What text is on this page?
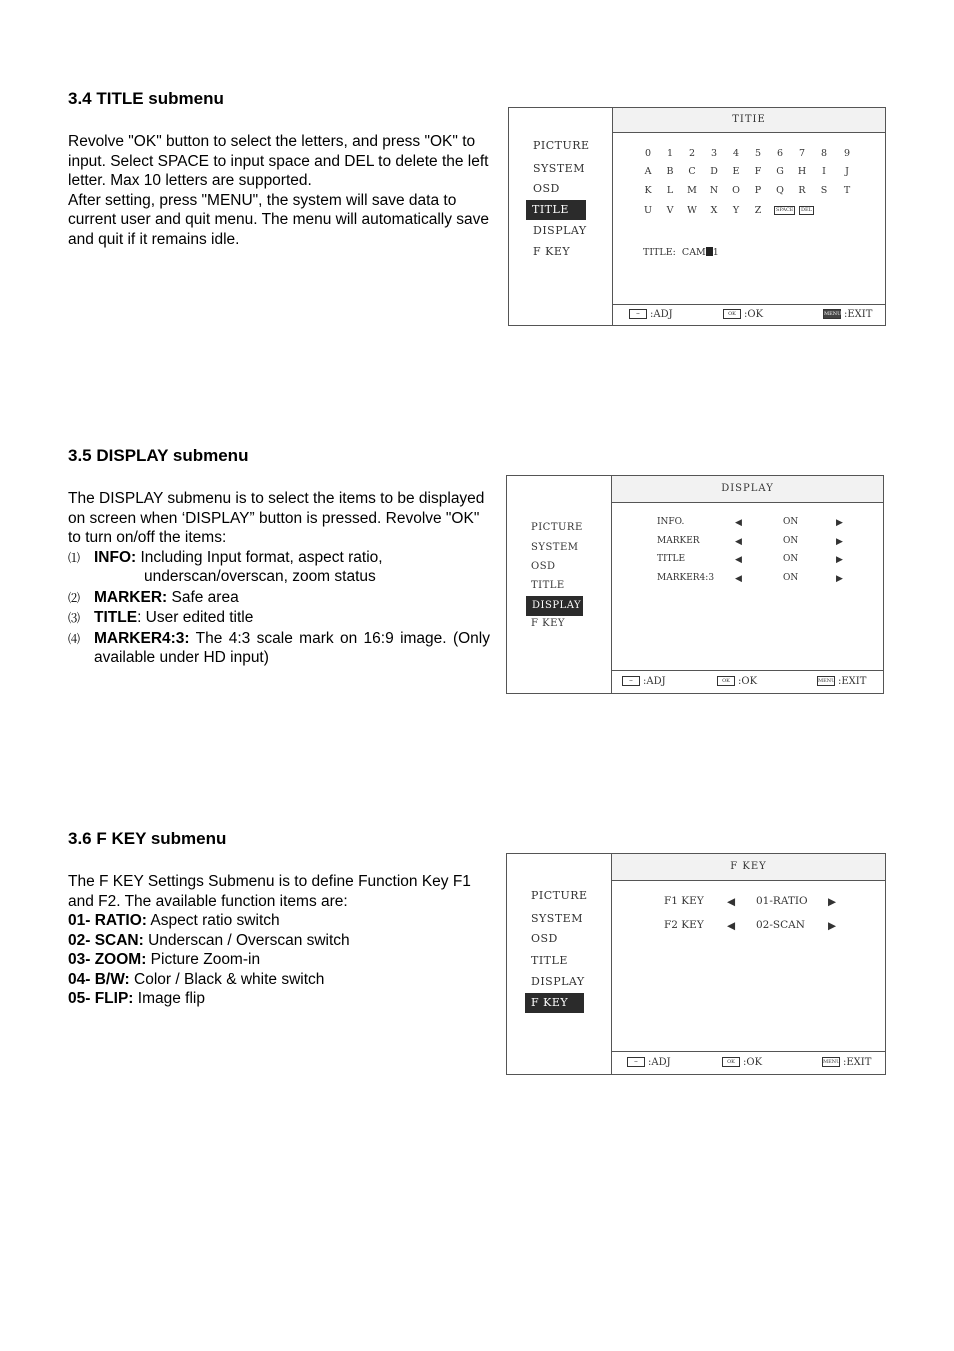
3.4 TITLE submenu

Revolve "OK" button to select the letters, and press "OK" to input. Select SPACE to input space and DEL to delete the left letter. Max 10 letters are supported.

After setting, press "MENU", the system will save data to current user and quit menu. The menu will automatically save and quit if it remains idle.

PICTURE
SYSTEM
OSD
TITLE
DISPLAY
F KEY
TITIE
0	1	2	3	4	5	6	7	8	9
A	B	C	D	E	F	G	H	I	J
K	L	M N	O	P	Q	R	S	T
U	V	W	X	Y	Z	SPACE	DEL
TITLE: CAM 1
~ :ADJ	OK :OK	MENU :EXIT
3.5 DISPLAY submenu

The DISPLAY submenu is to select the items to be displayed on screen when ‘DISPLAY” button is pressed. Revolve "OK" to turn on/off the items:

⑴ INFO: Including Input format, aspect ratio,
underscan/overscan, zoom status
⑵ MARKER: Safe area
⑶ TITLE: User edited title
⑷ MARKER4:3: The 4:3 scale mark on 16:9 image. (Only available under HD input)
PICTURE
SYSTEM
OSD
TITLE
DISPLAY
F KEY
DISPLAY
INFO.	◀	ON	▶
MARKER	◀	ON	▶
TITLE	◀	ON	▶
MARKER4:3 ◀	ON	▶
~ :ADJ	OK :OK	MENU :EXIT
3.6 F KEY submenu

The F KEY Settings Submenu is to define Function Key F1 and F2. The available function items are:

01- RATIO: Aspect ratio switch

02- SCAN: Underscan / Overscan switch

03- ZOOM: Picture Zoom-in

04- B/W: Color / Black & white switch

05- FLIP: Image flip

PICTURE
SYSTEM
OSD
TITLE
DISPLAY
F KEY
F KEY
F1 KEY ◀ 01-RATIO ▶
F2 KEY ◀ 02-SCAN ▶
~ :ADJ	OK :OK	MENU :EXIT
